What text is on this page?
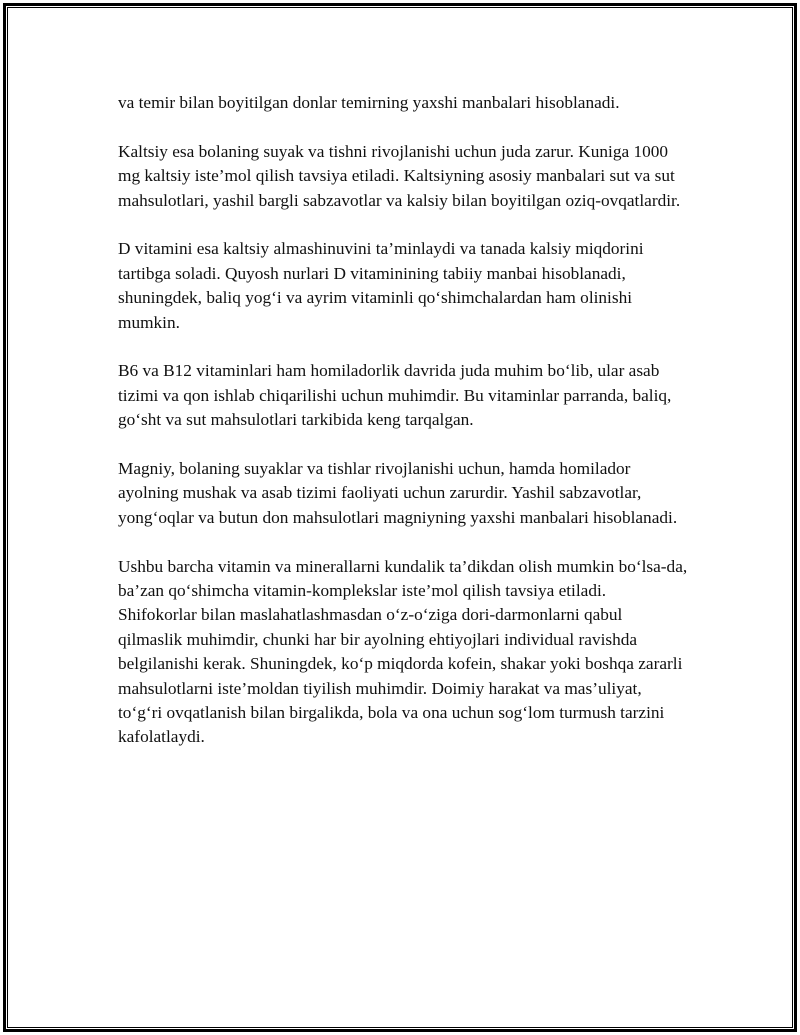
va temir bilan boyitilgan donlar temirning yaxshi manbalari hisoblanadi.

Kaltsiy esa bolaning suyak va tishni rivojlanishi uchun juda zarur. Kuniga 1000 mg kaltsiy iste’mol qilish tavsiya etiladi. Kaltsiyning asosiy manbalari sut va sut mahsulotlari, yashil bargli sabzavotlar va kalsiy bilan boyitilgan oziq-ovqatlardir.

D vitamini esa kaltsiy almashinuvini ta’minlaydi va tanada kalsiy miqdorini tartibga soladi. Quyosh nurlari D vitaminining tabiiy manbai hisoblanadi, shuningdek, baliq yog‘i va ayrim vitaminli qo‘shimchalardan ham olinishi mumkin.

B6 va B12 vitaminlari ham homiladorlik davrida juda muhim bo‘lib, ular asab tizimi va qon ishlab chiqarilishi uchun muhimdir. Bu vitaminlar parranda, baliq, go‘sht va sut mahsulotlari tarkibida keng tarqalgan.

Magniy, bolaning suyaklar va tishlar rivojlanishi uchun, hamda homilador ayolning mushak va asab tizimi faoliyati uchun zarurdir. Yashil sabzavotlar, yong‘oqlar va butun don mahsulotlari magniyning yaxshi manbalari hisoblanadi.

Ushbu barcha vitamin va minerallarni kundalik ta’dikdan olish mumkin bo‘lsa-da, ba’zan qo‘shimcha vitamin-komplekslar iste’mol qilish tavsiya etiladi. Shifokorlar bilan maslahatlashmasdan o‘z-o‘ziga dori-darmonlarni qabul qilmaslik muhimdir, chunki har bir ayolning ehtiyojlari individual ravishda belgilanishi kerak. Shuningdek, ko‘p miqdorda kofein, shakar yoki boshqa zararli mahsulotlarni iste’moldan tiyilish muhimdir. Doimiy harakat va mas’uliyat, to‘g‘ri ovqatlanish bilan birgalikda, bola va ona uchun sog‘lom turmush tarzini kafolatlaydi.
